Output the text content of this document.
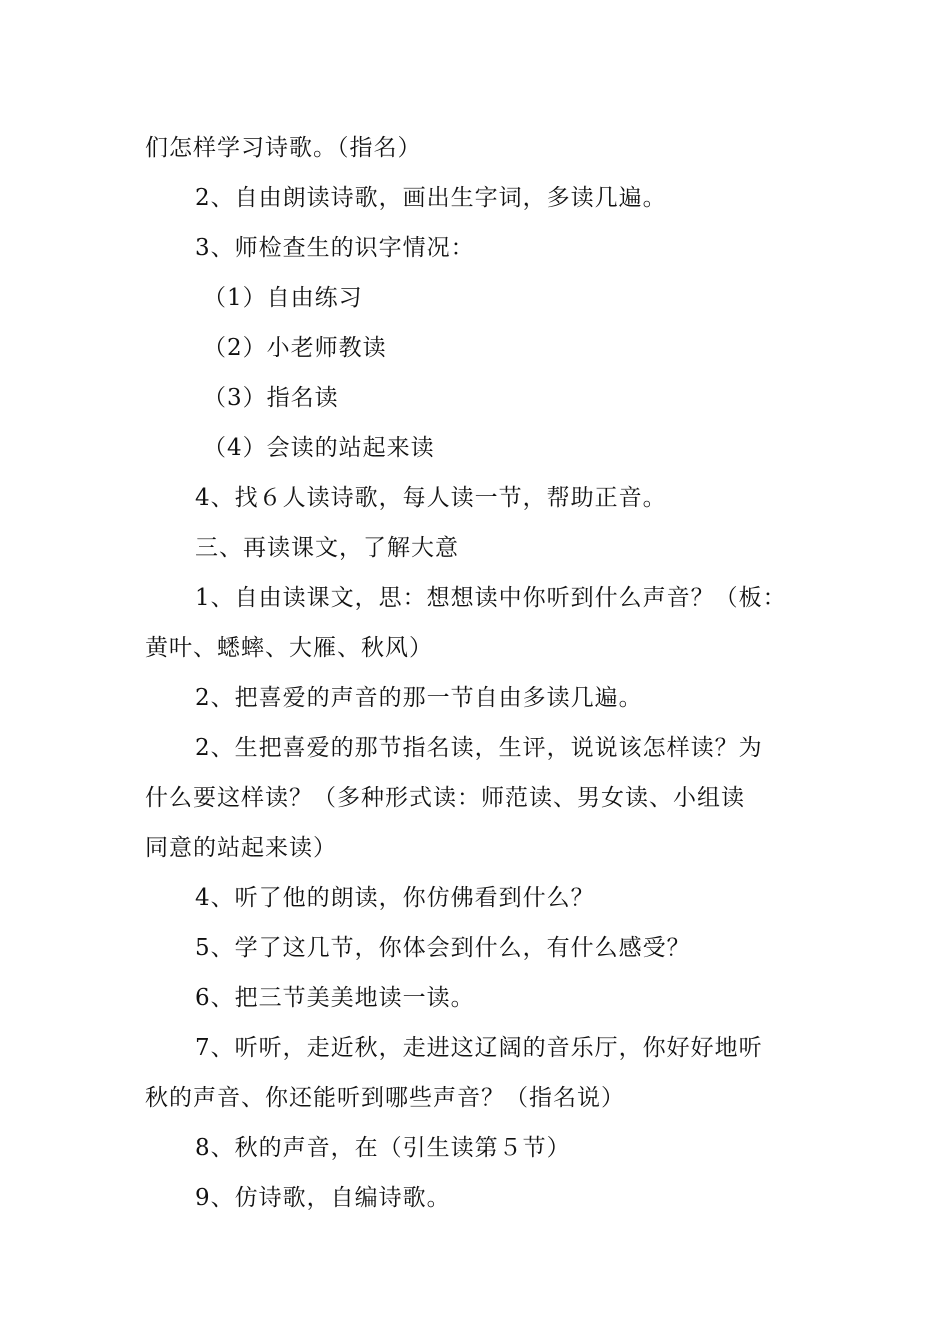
们怎样学习诗歌。（指名）
2、自由朗读诗歌，画出生字词，多读几遍。
3、师检查生的识字情况：
（1）自由练习
（2）小老师教读
（3）指名读
（4）会读的站起来读
4、找６人读诗歌，每人读一节，帮助正音。
三、再读课文，了解大意
1、自由读课文，思：想想读中你听到什么声音？（板：
黄叶、蟋蟀、大雁、秋风）
2、把喜爱的声音的那一节自由多读几遍。
2、生把喜爱的那节指名读，生评，说说该怎样读？为
什么要这样读？（多种形式读：师范读、男女读、小组读
同意的站起来读）
4、听了他的朗读，你仿佛看到什么？
5、学了这几节，你体会到什么，有什么感受？
6、把三节美美地读一读。
7、听听，走近秋，走进这辽阔的音乐厅，你好好地听
秋的声音、你还能听到哪些声音？（指名说）
8、秋的声音，在（引生读第５节）
9、仿诗歌，自编诗歌。
